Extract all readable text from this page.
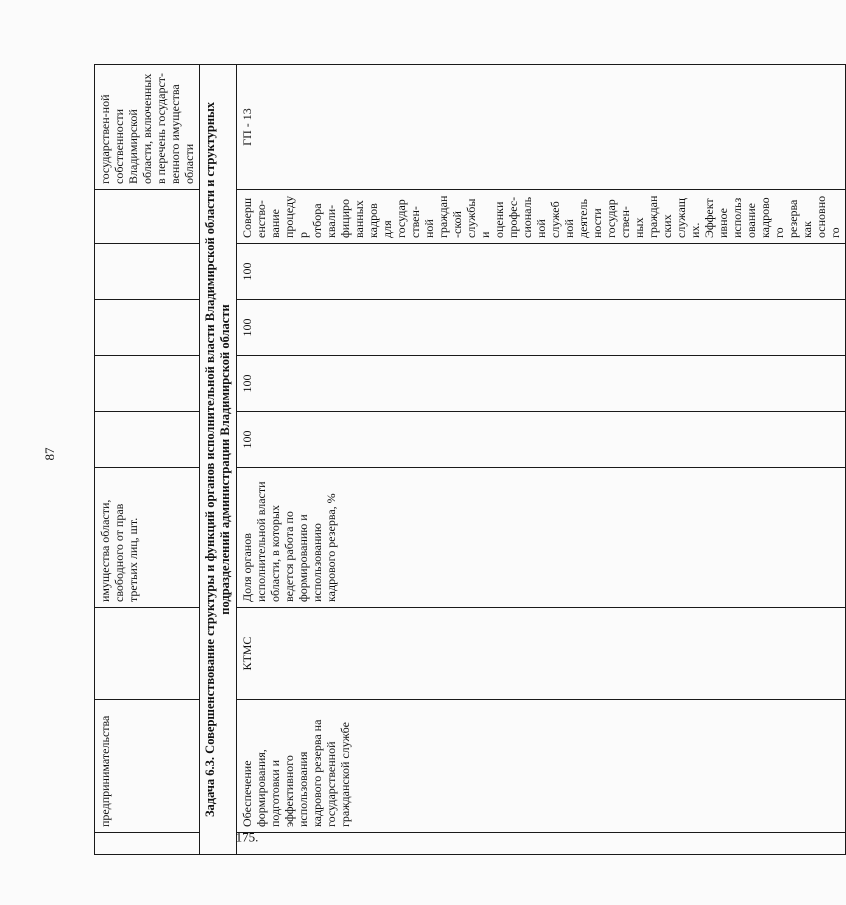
87
	предпринимательства		имущества области, свободного от прав третьих лиц, шт.						государствен-ной собственности Владимирской области, включенных в перечень государст-венного имущества области
Задача 6.3. Совершенствование структуры и функций органов исполнительной власти Владимирской области и структурных подразделений администрации Владимирской области									
175.	Обеспечение формирования, подготовки и эффективного использования кадрового резерва на государственной гражданской службе	КТМС	Доля органов исполнительной власти области, в которых ведется работа по формированию и использованию кадрового резерва, %	100	100	100	100	Совершенство-вание процедур отбора квали-фицированных кадров для государствен-ной граждан-ской службы и оценки профес-сиональной служебной деятельности государствен-ных гражданских служащих. Эффективное использование кадрового резерва как основного	ГП - 13
